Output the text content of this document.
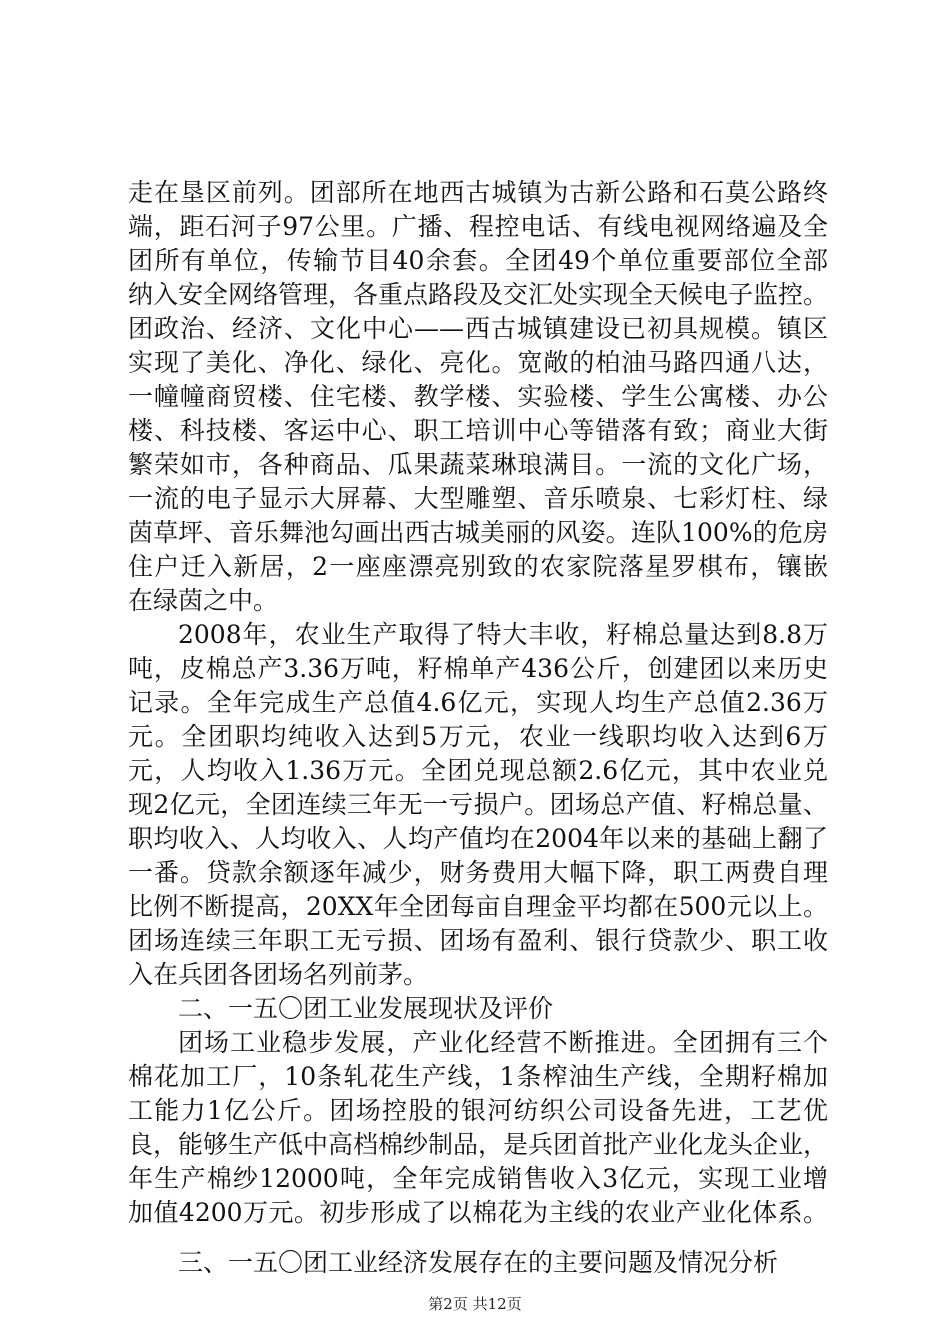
走在垦区前列。团部所在地西古城镇为古新公路和石莫公路终
端，距石河子97公里。广播、程控电话、有线电视网络遍及全
团所有单位，传输节目40余套。全团49个单位重要部位全部
纳入安全网络管理，各重点路段及交汇处实现全天候电子监控。
团政治、经济、文化中心——西古城镇建设已初具规模。镇区
实现了美化、净化、绿化、亮化。宽敞的柏油马路四通八达，
一幢幢商贸楼、住宅楼、教学楼、实验楼、学生公寓楼、办公
楼、科技楼、客运中心、职工培训中心等错落有致；商业大街
繁荣如市，各种商品、瓜果蔬菜琳琅满目。一流的文化广场，
一流的电子显示大屏幕、大型雕塑、音乐喷泉、七彩灯柱、绿
茵草坪、音乐舞池勾画出西古城美丽的风姿。连队100%的危房
住户迁入新居，2一座座漂亮别致的农家院落星罗棋布，镶嵌
在绿茵之中。
2008年，农业生产取得了特大丰收，籽棉总量达到8.8万
吨，皮棉总产3.36万吨，籽棉单产436公斤，创建团以来历史
记录。全年完成生产总值4.6亿元，实现人均生产总值2.36万
元。全团职均纯收入达到5万元，农业一线职均收入达到6万
元，人均收入1.36万元。全团兑现总额2.6亿元，其中农业兑
现2亿元，全团连续三年无一亏损户。团场总产值、籽棉总量、
职均收入、人均收入、人均产值均在2004年以来的基础上翻了
一番。贷款余额逐年减少，财务费用大幅下降，职工两费自理
比例不断提高，20XX年全团每亩自理金平均都在500元以上。
团场连续三年职工无亏损、团场有盈利、银行贷款少、职工收
入在兵团各团场名列前茅。
二、一五〇团工业发展现状及评价
团场工业稳步发展，产业化经营不断推进。全团拥有三个
棉花加工厂，10条轧花生产线，1条榨油生产线，全期籽棉加
工能力1亿公斤。团场控股的银河纺织公司设备先进，工艺优
良，能够生产低中高档棉纱制品，是兵团首批产业化龙头企业，
年生产棉纱12000吨，全年完成销售收入3亿元，实现工业增
加值4200万元。初步形成了以棉花为主线的农业产业化体系。
三、一五〇团工业经济发展存在的主要问题及情况分析
第2页 共12页
